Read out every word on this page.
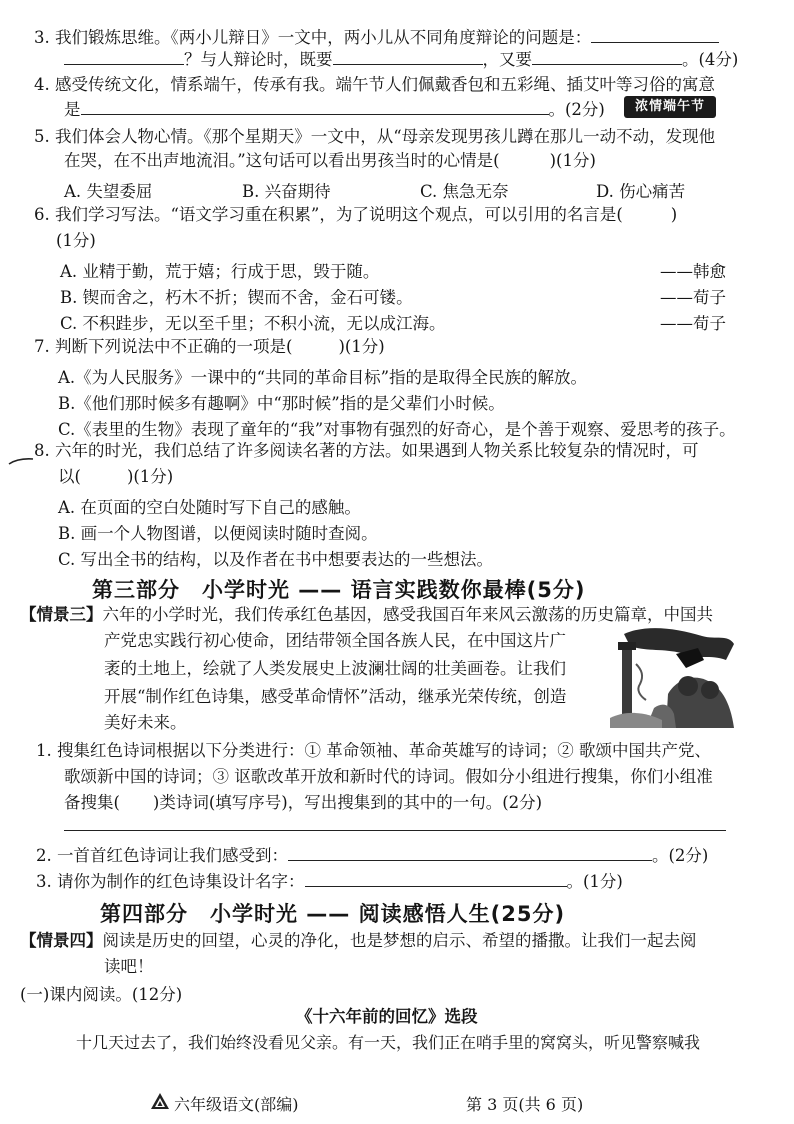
3. 我们锻炼思维。《两小儿辩日》一文中，两小儿从不同角度辩论的问题是：
？与人辩论时，既要	，又要	。(4分)
4. 感受传统文化，情系端午，传承有我。端午节人们佩戴香包和五彩绳、插艾叶等习俗的寓意
是	。(2分)	浓情端午节
5. 我们体会人物心情。《那个星期天》一文中，从“母亲发现男孩儿蹲在那儿一动不动，发现他
在哭，在不出声地流泪。”这句话可以看出男孩当时的心情是(	)(1分)
A. 失望委屈	B. 兴奋期待	C. 焦急无奈	D. 伤心痛苦
6. 我们学习写法。“语文学习重在积累”，为了说明这个观点，可以引用的名言是(	)
(1分)
A. 业精于勤，荒于嬉；行成于思，毁于随。	——韩愈
B. 锲而舍之，朽木不折；锲而不舍，金石可镂。	——荀子
C. 不积跬步，无以至千里；不积小流，无以成江海。	——荀子
7. 判断下列说法中不正确的一项是(	)(1分)
A.《为人民服务》一课中的“共同的革命目标”指的是取得全民族的解放。
B.《他们那时候多有趣啊》中“那时候”指的是父辈们小时候。
C.《表里的生物》表现了童年的“我”对事物有强烈的好奇心，是个善于观察、爱思考的孩子。
8. 六年的时光，我们总结了许多阅读名著的方法。如果遇到人物关系比较复杂的情况时，可
以(	)(1分)
A. 在页面的空白处随时写下自己的感触。
B. 画一个人物图谱，以便阅读时随时查阅。
C. 写出全书的结构，以及作者在书中想要表达的一些想法。
第三部分　小学时光 —— 语言实践数你最棒(5分)
【情景三】六年的小学时光，我们传承红色基因，感受我国百年来风云激荡的历史篇章，中国共
产党忠实践行初心使命，团结带领全国各族人民，在中国这片广
袤的土地上，绘就了人类发展史上波澜壮阔的壮美画卷。让我们
开展“制作红色诗集，感受革命情怀”活动，继承光荣传统，创造
美好未来。
1. 搜集红色诗词根据以下分类进行：① 革命领袖、革命英雄写的诗词；② 歌颂中国共产党、
歌颂新中国的诗词；③ 讴歌改革开放和新时代的诗词。假如分小组进行搜集，你们小组准
备搜集(　　)类诗词(填写序号)，写出搜集到的其中的一句。(2分)
2. 一首首红色诗词让我们感受到：	。(2分)
3. 请你为制作的红色诗集设计名字：	。(1分)
第四部分　小学时光 —— 阅读感悟人生(25分)
【情景四】阅读是历史的回望，心灵的净化，也是梦想的启示、希望的播撒。让我们一起去阅
读吧！
(一)课内阅读。(12分)
《十六年前的回忆》选段
十几天过去了，我们始终没看见父亲。有一天，我们正在哨手里的窝窝头，听见警察喊我
六年级语文(部编)	第 3 页(共 6 页)
